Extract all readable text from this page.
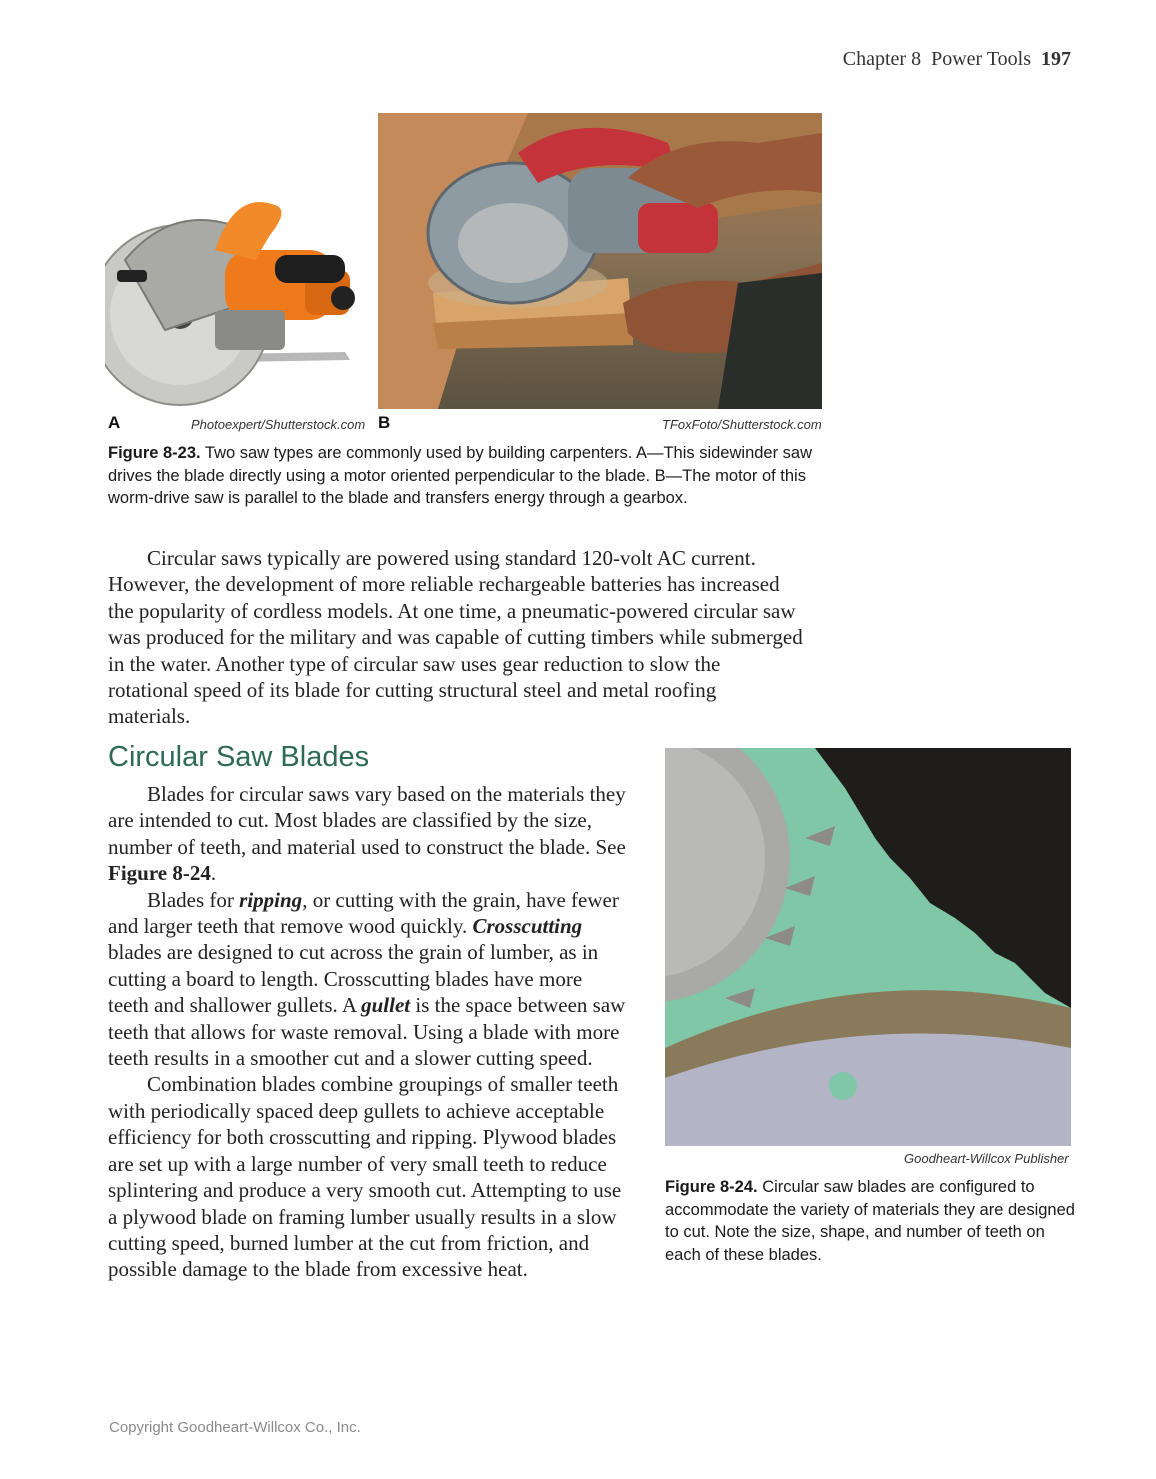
Chapter 8  Power Tools 197
A	Photoexpert/Shutterstock.com B	TFoxFoto/Shutterstock.com
Figure 8-23. Two saw types are commonly used by building carpenters. A—This sidewinder saw drives the blade directly using a motor oriented perpendicular to the blade. B—The motor of this worm-drive saw is parallel to the blade and transfers energy through a gearbox.

Circular saws typically are powered using standard 120-volt AC current. However, the development of more reliable rechargeable batteries has increased the popularity of cordless models. At one time, a pneumatic-powered circular saw was produced for the military and was capable of cutting timbers while submerged in the water. Another type of circular saw uses gear reduction to slow the rotational speed of its blade for cutting structural steel and metal roofing materials.

Circular Saw Blades

Blades for circular saws vary based on the materials they are intended to cut. Most blades are classified by the size, number of teeth, and material used to construct the blade. See Figure 8-24.

Blades for ripping, or cutting with the grain, have fewer and larger teeth that remove wood quickly. Crosscutting blades are designed to cut across the grain of lumber, as in cutting a board to length. Crosscutting blades have more teeth and shallower gullets. A gullet is the space between saw teeth that allows for waste removal. Using a blade with more teeth results in a smoother cut and a slower cutting speed.

Combination blades combine groupings of smaller teeth with periodically spaced deep gullets to achieve acceptable efficiency for both crosscutting and ripping. Plywood blades are set up with a large number of very small teeth to reduce splintering and produce a very smooth cut. Attempting to use a plywood blade on framing lumber usually results in a slow cutting speed, burned lumber at the cut from friction, and possible damage to the blade from excessive heat.

Goodheart-Willcox Publisher
Figure 8-24. Circular saw blades are configured to accommodate the variety of materials they are designed to cut. Note the size, shape, and number of teeth on each of these blades.
Copyright Goodheart-Willcox Co., Inc.
